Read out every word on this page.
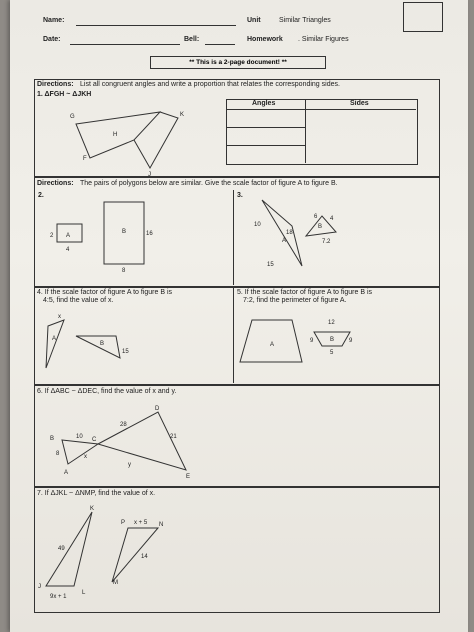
Name:
Date:	Bell:
Unit	Similar Triangles
Homework . Similar Figures
** This is a 2-page document! **
Directions: List all congruent angles and write a proportion that relates the corresponding sides.
1. ΔFGH ~ ΔJKH
Angles	Sides
Directions: The pairs of polygons below are similar. Give the scale factor of figure A to figure B.
2.	3.
4. If the scale factor of figure A to figure B is
4:5, find the value of x.
5. If the scale factor of figure A to figure B is
7:2, find the perimeter of figure A.
6. If ΔABC ~ ΔDEC, find the value of x and y.
7. If ΔJKL ~ ΔNMP, find the value of x.
G	K
H
F
J
2 A
4
B	16
8
10
18
A
15
6 4
B
7.2
x
A
B
15
A
12
9	B 9
5
D
28
B	10 C	21
8	x
y
A
E
K
P x + 5 N
49
14
J
L
M
9x + 1
